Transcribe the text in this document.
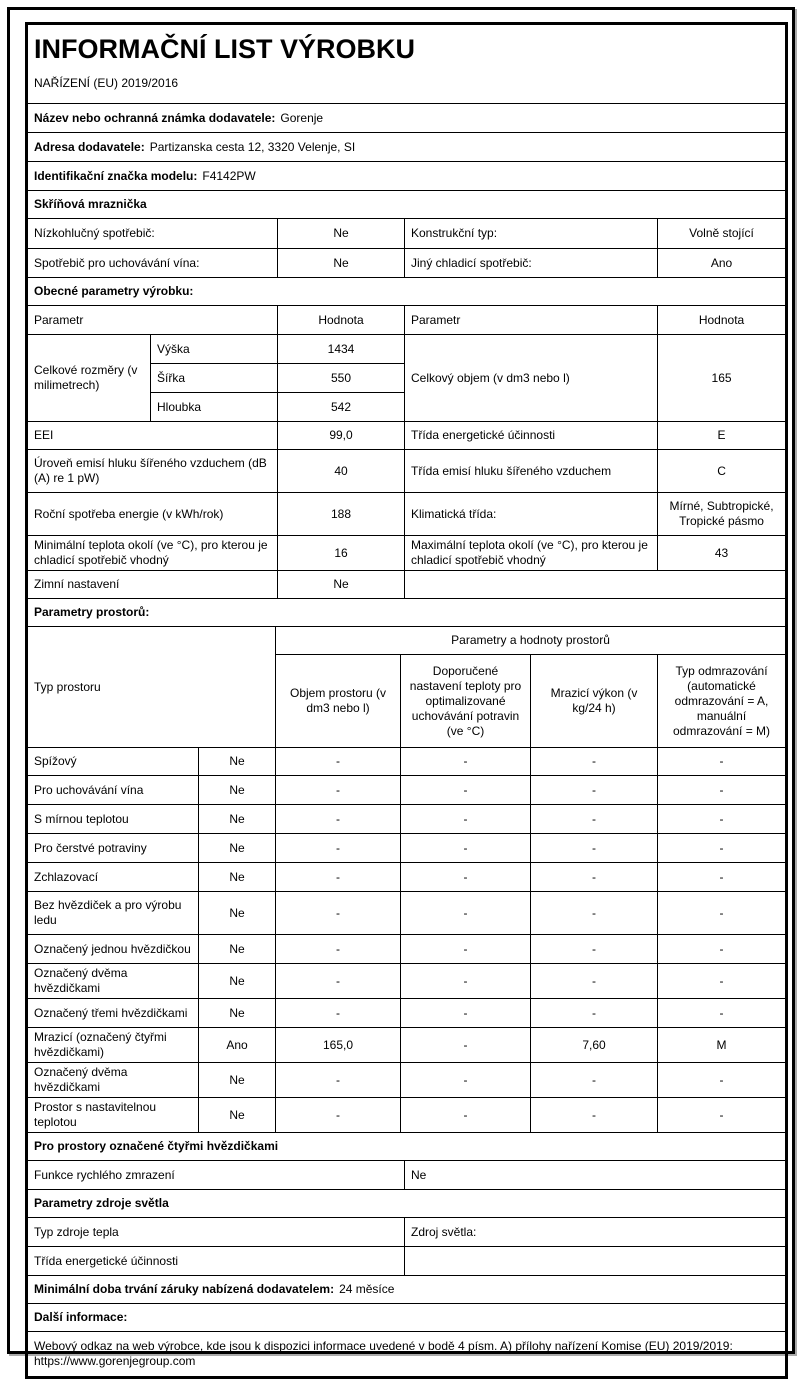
INFORMAČNÍ LIST VÝROBKU
NAŘÍZENÍ (EU) 2019/2016

Název nebo ochranná známka dodavatele: Gorenje
Adresa dodavatele: Partizanska cesta 12, 3320 Velenje, SI
Identifikační značka modelu: F4142PW
Skříňová mraznička			
Nízkohlučný spotřebič:	Ne	Konstrukční typ:	Volně stojící
Spotřebič pro uchovávání vína:	Ne	Jiný chladicí spotřebič:	Ano
Obecné parametry výrobku:				
Parametr		Hodnota	Parametr	Hodnota
Celkové rozměry (v milimetrech)	Výška	1434	Celkový objem (v dm3 nebo l)	165
	Šířka	550		
	Hloubka	542		
EEI		99,0	Třída energetické účinnosti	E
Úroveň emisí hluku šířeného vzduchem (dB (A) re 1 pW)		40	Třída emisí hluku šířeného vzduchem	C
Roční spotřeba energie (v kWh/rok)		188	Klimatická třída:	Mírné, Subtropické, Tropické pásmo
Minimální teplota okolí (ve °C), pro kterou je chladicí spotřebič vhodný		16	Maximální teplota okolí (ve °C), pro kterou je chladicí spotřebič vhodný	43
Zimní nastavení		Ne		
Parametry prostorů:					
Typ prostoru		Parametry a hodnoty prostorů			
		Objem prostoru (v dm3 nebo l)	Doporučené nastavení teploty pro optimalizované uchovávání potravin (ve °C)	Mrazicí výkon (v kg/24 h)	Typ odmrazování (automatické odmrazování = A, manuální odmrazování = M)
Spížový	Ne	-	-	-	-
Pro uchovávání vína	Ne	-	-	-	-
S mírnou teplotou	Ne	-	-	-	-
Pro čerstvé potraviny	Ne	-	-	-	-
Zchlazovací	Ne	-	-	-	-
Bez hvězdiček a pro výrobu ledu	Ne	-	-	-	-
Označený jednou hvězdičkou	Ne	-	-	-	-
Označený dvěma hvězdičkami	Ne	-	-	-	-
Označený třemi hvězdičkami	Ne	-	-	-	-
Mrazicí (označený čtyřmi hvězdičkami)	Ano	165,0	-	7,60	M
Označený dvěma hvězdičkami	Ne	-	-	-	-
Prostor s nastavitelnou teplotou	Ne	-	-	-	-
Pro prostory označené čtyřmi hvězdičkami
Funkce rychlého zmrazení	Ne
Parametry zdroje světla	
Typ zdroje tepla	Zdroj světla:
Třída energetické účinnosti	
Minimální doba trvání záruky nabízená dodavatelem: 24 měsíce
Další informace:

Webový odkaz na web výrobce, kde jsou k dispozici informace uvedené v bodě 4 písm. A) přílohy nařízení Komise (EU) 2019/2019:
https://www.gorenjegroup.com
